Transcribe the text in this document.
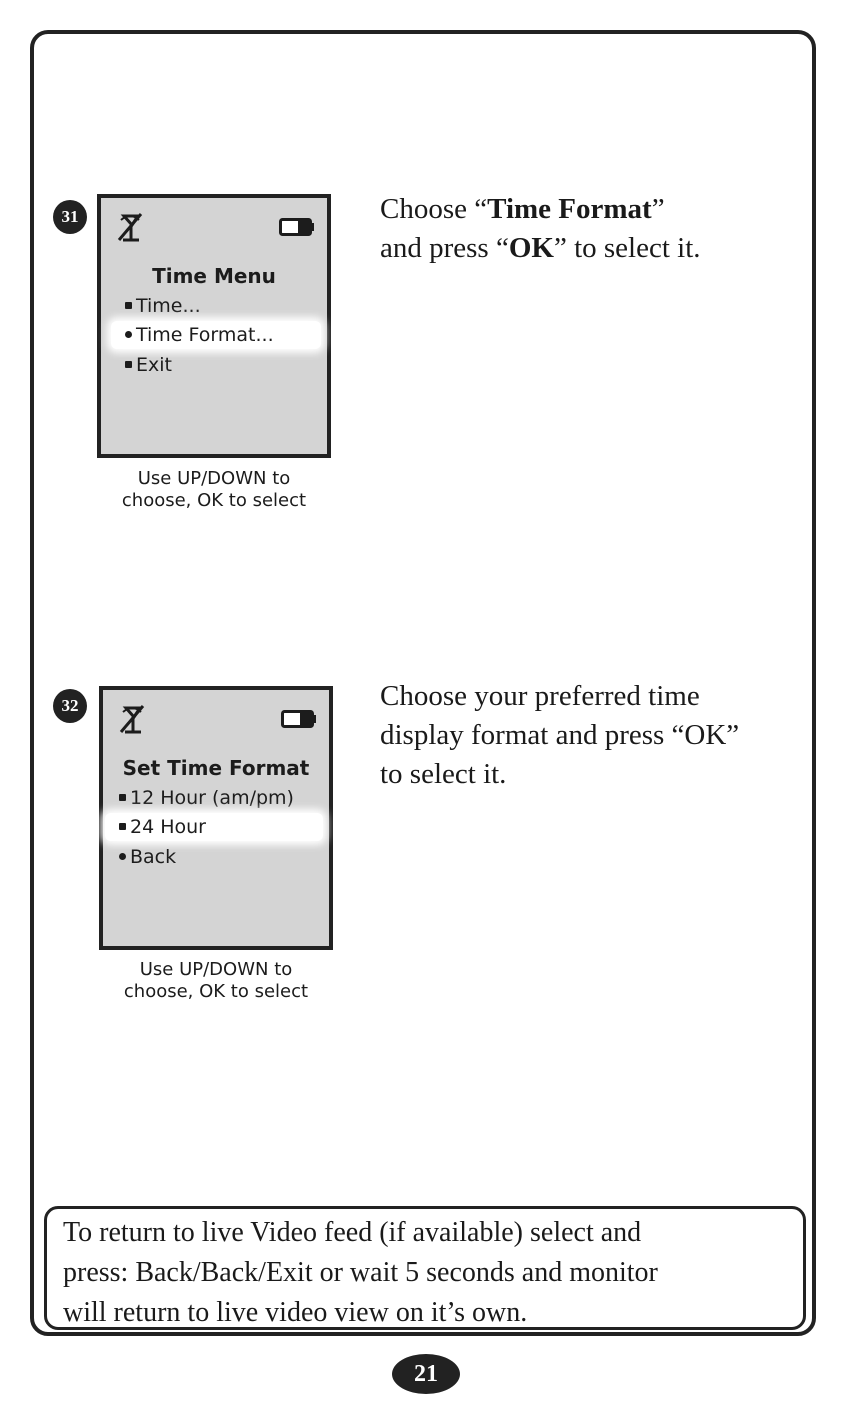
31
Time Menu
Time...
Time Format...
Exit
Use UP/DOWN to
choose, OK to select
Choose “Time Format”
and press “OK” to select it.
32
Set Time Format
12 Hour (am/pm)
24 Hour
Back
Use UP/DOWN to
choose, OK to select
Choose your preferred time
display format and press “OK”
to select it.
To return to live Video feed (if available) select and
press: Back/Back/Exit or wait 5 seconds and monitor
will return to live video view on it’s own.
21
